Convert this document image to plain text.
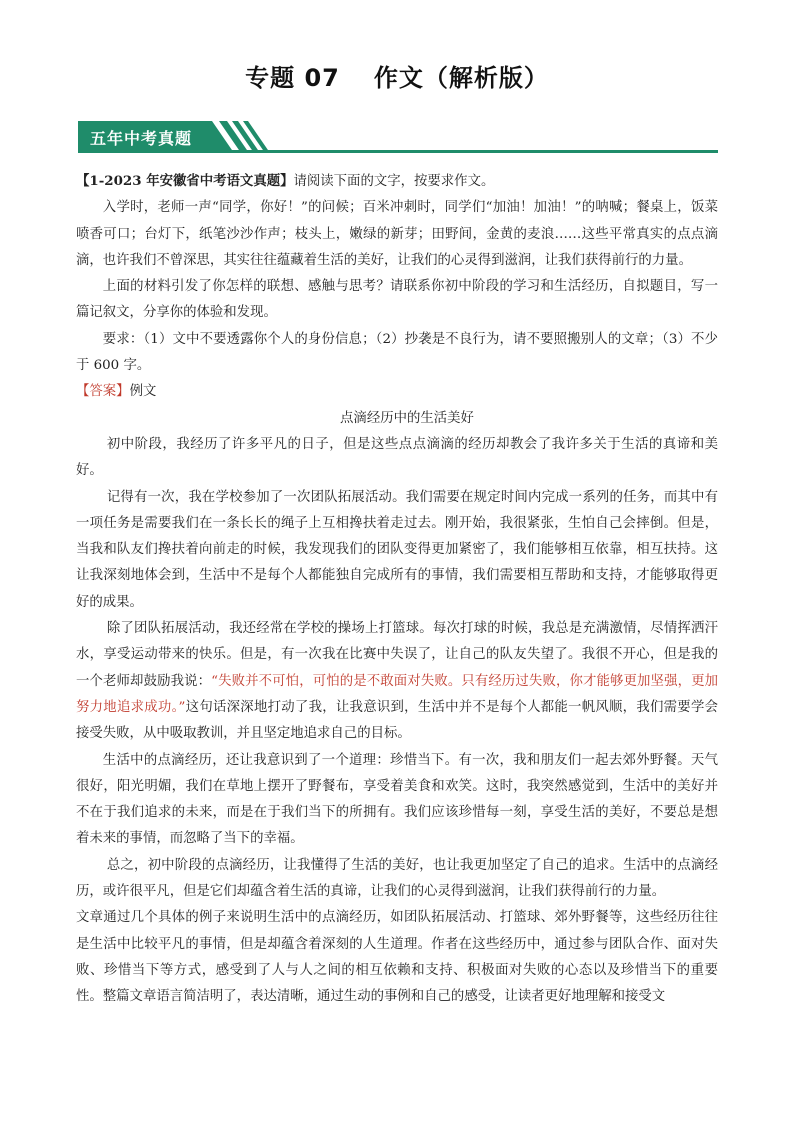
专题 07 作文（解析版）
五年中考真题

【1-2023 年安徽省中考语文真题】请阅读下面的文字，按要求作文。

入学时，老师一声“同学，你好！”的问候；百米冲刺时，同学们“加油！加油！”的呐喊；餐桌上，饭菜喷香可口；台灯下，纸笔沙沙作声；枝头上，嫩绿的新芽；田野间，金黄的麦浪……这些平常真实的点点滴滴，也许我们不曾深思，其实往往蕴藏着生活的美好，让我们的心灵得到滋润，让我们获得前行的力量。

上面的材料引发了你怎样的联想、感触与思考？请联系你初中阶段的学习和生活经历，自拟题目，写一篇记叙文，分享你的体验和发现。

要求：（1）文中不要透露你个人的身份信息；（2）抄袭是不良行为，请不要照搬别人的文章；（3）不少于 600 字。

【答案】例文

点滴经历中的生活美好

初中阶段，我经历了许多平凡的日子，但是这些点点滴滴的经历却教会了我许多关于生活的真谛和美好。

记得有一次，我在学校参加了一次团队拓展活动。我们需要在规定时间内完成一系列的任务，而其中有一项任务是需要我们在一条长长的绳子上互相搀扶着走过去。刚开始，我很紧张，生怕自己会摔倒。但是，当我和队友们搀扶着向前走的时候，我发现我们的团队变得更加紧密了，我们能够相互依靠，相互扶持。这让我深刻地体会到，生活中不是每个人都能独自完成所有的事情，我们需要相互帮助和支持，才能够取得更好的成果。

除了团队拓展活动，我还经常在学校的操场上打篮球。每次打球的时候，我总是充满激情，尽情挥洒汗水，享受运动带来的快乐。但是，有一次我在比赛中失误了，让自己的队友失望了。我很不开心，但是我的一个老师却鼓励我说：“失败并不可怕，可怕的是不敢面对失败。只有经历过失败，你才能够更加坚强，更加努力地追求成功。”这句话深深地打动了我，让我意识到，生活中并不是每个人都能一帆风顺，我们需要学会接受失败，从中吸取教训，并且坚定地追求自己的目标。

生活中的点滴经历，还让我意识到了一个道理：珍惜当下。有一次，我和朋友们一起去郊外野餐。天气很好，阳光明媚，我们在草地上摆开了野餐布，享受着美食和欢笑。这时，我突然感觉到，生活中的美好并不在于我们追求的未来，而是在于我们当下的所拥有。我们应该珍惜每一刻，享受生活的美好，不要总是想着未来的事情，而忽略了当下的幸福。

总之，初中阶段的点滴经历，让我懂得了生活的美好，也让我更加坚定了自己的追求。生活中的点滴经历，或许很平凡，但是它们却蕴含着生活的真谛，让我们的心灵得到滋润，让我们获得前行的力量。

文章通过几个具体的例子来说明生活中的点滴经历，如团队拓展活动、打篮球、郊外野餐等，这些经历往往是生活中比较平凡的事情，但是却蕴含着深刻的人生道理。作者在这些经历中，通过参与团队合作、面对失败、珍惜当下等方式，感受到了人与人之间的相互依赖和支持、积极面对失败的心态以及珍惜当下的重要性。整篇文章语言简洁明了，表达清晰，通过生动的事例和自己的感受，让读者更好地理解和接受文
